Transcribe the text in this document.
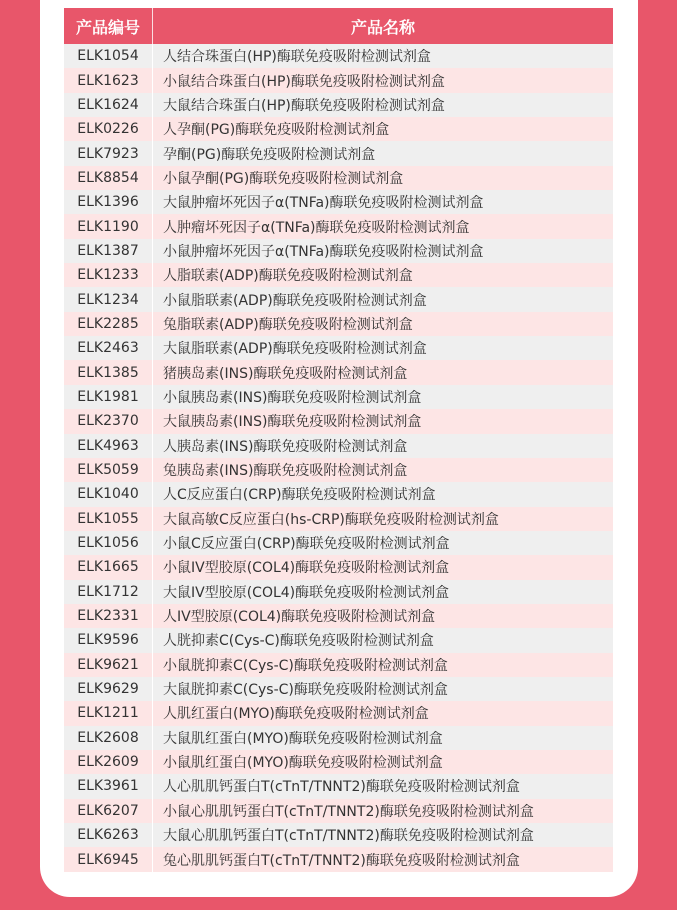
产品编号	产品名称
ELK1054	人结合珠蛋白(HP)酶联免疫吸附检测试剂盒
ELK1623	小鼠结合珠蛋白(HP)酶联免疫吸附检测试剂盒
ELK1624	大鼠结合珠蛋白(HP)酶联免疫吸附检测试剂盒
ELK0226	人孕酮(PG)酶联免疫吸附检测试剂盒
ELK7923	孕酮(PG)酶联免疫吸附检测试剂盒
ELK8854	小鼠孕酮(PG)酶联免疫吸附检测试剂盒
ELK1396	大鼠肿瘤坏死因子α(TNFa)酶联免疫吸附检测试剂盒
ELK1190	人肿瘤坏死因子α(TNFa)酶联免疫吸附检测试剂盒
ELK1387	小鼠肿瘤坏死因子α(TNFa)酶联免疫吸附检测试剂盒
ELK1233	人脂联素(ADP)酶联免疫吸附检测试剂盒
ELK1234	小鼠脂联素(ADP)酶联免疫吸附检测试剂盒
ELK2285	兔脂联素(ADP)酶联免疫吸附检测试剂盒
ELK2463	大鼠脂联素(ADP)酶联免疫吸附检测试剂盒
ELK1385	猪胰岛素(INS)酶联免疫吸附检测试剂盒
ELK1981	小鼠胰岛素(INS)酶联免疫吸附检测试剂盒
ELK2370	大鼠胰岛素(INS)酶联免疫吸附检测试剂盒
ELK4963	人胰岛素(INS)酶联免疫吸附检测试剂盒
ELK5059	兔胰岛素(INS)酶联免疫吸附检测试剂盒
ELK1040	人C反应蛋白(CRP)酶联免疫吸附检测试剂盒
ELK1055	大鼠高敏C反应蛋白(hs-CRP)酶联免疫吸附检测试剂盒
ELK1056	小鼠C反应蛋白(CRP)酶联免疫吸附检测试剂盒
ELK1665	小鼠IV型胶原(COL4)酶联免疫吸附检测试剂盒
ELK1712	大鼠IV型胶原(COL4)酶联免疫吸附检测试剂盒
ELK2331	人IV型胶原(COL4)酶联免疫吸附检测试剂盒
ELK9596	人胱抑素C(Cys-C)酶联免疫吸附检测试剂盒
ELK9621	小鼠胱抑素C(Cys-C)酶联免疫吸附检测试剂盒
ELK9629	大鼠胱抑素C(Cys-C)酶联免疫吸附检测试剂盒
ELK1211	人肌红蛋白(MYO)酶联免疫吸附检测试剂盒
ELK2608	大鼠肌红蛋白(MYO)酶联免疫吸附检测试剂盒
ELK2609	小鼠肌红蛋白(MYO)酶联免疫吸附检测试剂盒
ELK3961	人心肌肌钙蛋白T(cTnT/TNNT2)酶联免疫吸附检测试剂盒
ELK6207	小鼠心肌肌钙蛋白T(cTnT/TNNT2)酶联免疫吸附检测试剂盒
ELK6263	大鼠心肌肌钙蛋白T(cTnT/TNNT2)酶联免疫吸附检测试剂盒
ELK6945	兔心肌肌钙蛋白T(cTnT/TNNT2)酶联免疫吸附检测试剂盒
